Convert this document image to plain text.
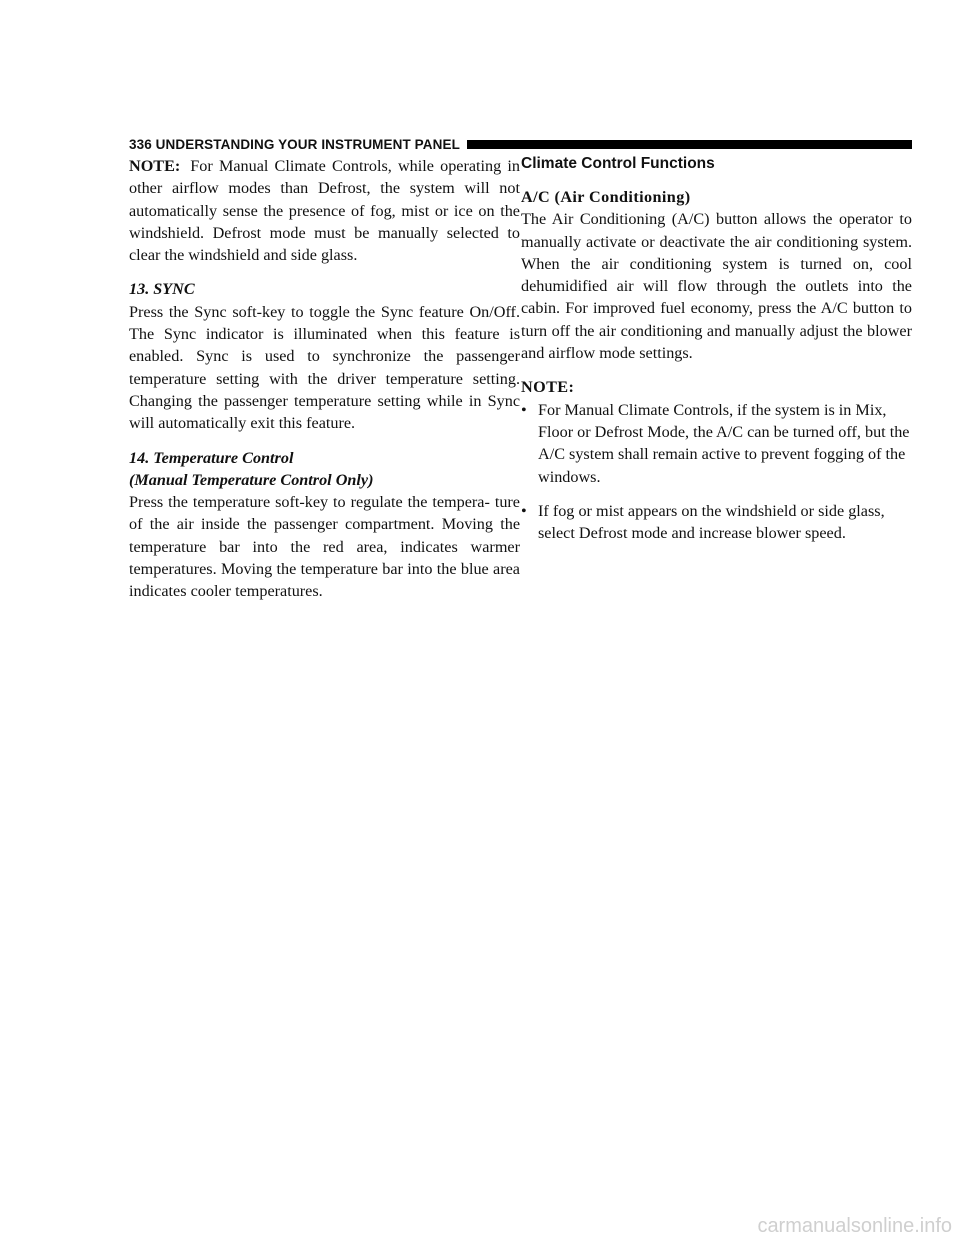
336 UNDERSTANDING YOUR INSTRUMENT PANEL

NOTE: For Manual Climate Controls, while operating in other airflow modes than Defrost, the system will not automatically sense the presence of fog, mist or ice on the windshield. Defrost mode must be manually selected to clear the windshield and side glass.

13. SYNC

Press the Sync soft-key to toggle the Sync feature On/Off. The Sync indicator is illuminated when this feature is enabled. Sync is used to synchronize the passenger temperature setting with the driver temperature setting. Changing the passenger temperature setting while in Sync will automatically exit this feature.

14. Temperature Control

(Manual Temperature Control Only)

Press the temperature soft-key to regulate the tempera- ture of the air inside the passenger compartment. Moving the temperature bar into the red area, indicates warmer temperatures. Moving the temperature bar into the blue area indicates cooler temperatures.

Climate Control Functions

A/C (Air Conditioning)

The Air Conditioning (A/C) button allows the operator to manually activate or deactivate the air conditioning system. When the air conditioning system is turned on, cool dehumidified air will flow through the outlets into the cabin. For improved fuel economy, press the A/C button to turn off the air conditioning and manually adjust the blower and airflow mode settings.

NOTE:

• For Manual Climate Controls, if the system is in Mix, Floor or Defrost Mode, the A/C can be turned off, but the A/C system shall remain active to prevent fogging of the windows.
• If fog or mist appears on the windshield or side glass, select Defrost mode and increase blower speed.
carmanualsonline.info
